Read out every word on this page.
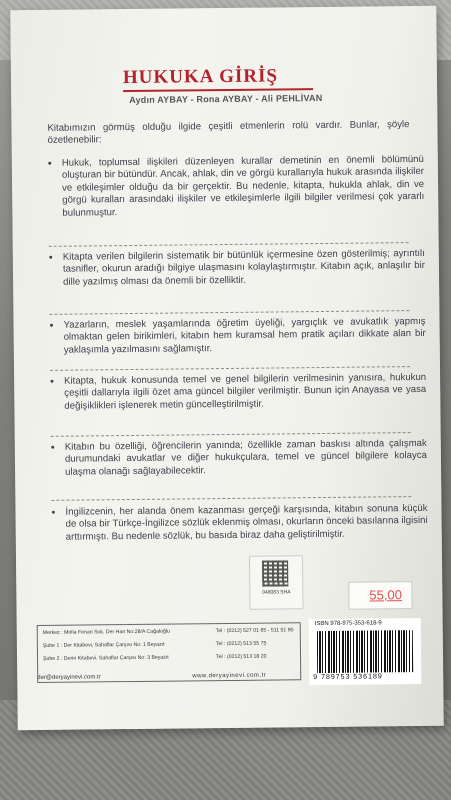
HUKUKA GİRİŞ
Aydın AYBAY - Rona AYBAY - Ali PEHLİVAN

Kitabımızın görmüş olduğu ilgide çeşitli etmenlerin rolü vardır. Bunlar, şöyle özetlenebilir:

• Hukuk, toplumsal ilişkileri düzenleyen kurallar demetinin en önemli bölümünü oluşturan bir bütündür. Ancak, ahlak, din ve görgü kurallarıyla hukuk arasında ilişkiler ve etkileşimler olduğu da bir gerçektir. Bu nedenle, kitapta, hukukla ahlak, din ve görgü kuralları arasındaki ilişkiler ve etkileşimlerle ilgili bilgiler verilmesi çok yararlı bulunmuştur.

• Kitapta verilen bilgilerin sistematik bir bütünlük içermesine özen gösterilmiş; ayrıntılı tasnifler, okurun aradığı bilgiye ulaşmasını kolaylaştırmıştır. Kitabın açık, anlaşılır bir dille yazılmış olması da önemli bir özelliktir.

• Yazarların, meslek yaşamlarında öğretim üyeliği, yargıçlık ve avukatlık yapmış olmaktan gelen birikimleri, kitabın hem kuramsal hem pratik açıları dikkate alan bir yaklaşımla yazılmasını sağlamıştır.

• Kitapta, hukuk konusunda temel ve genel bilgilerin verilmesinin yanısıra, hukukun çeşitli dallarıyla ilgili özet ama güncel bilgiler verilmiştir. Bunun için Anayasa ve yasa değişiklikleri işlenerek metin güncelleştirilmiştir.

• Kitabın bu özelliği, öğrencilerin yanında; özellikle zaman baskısı altında çalışmak durumundaki avukatlar ve diğer hukukçulara, temel ve güncel bilgilere kolayca ulaşma olanağı sağlayabilecektir.

• İngilizcenin, her alanda önem kazanması gerçeği karşısında, kitabın sonuna küçük de olsa bir Türkçe-İngilizce sözlük eklenmiş olması, okurların önceki basılarına ilgisini arttırmıştı. Bu nedenle sözlük, bu basıda biraz daha geliştirilmiştir.

048083 SHA	55,00
Merkez : Molla Fenari Sok. Der Han No:28/A Cağaloğlu	Tel : (0212) 527 01 65 - 511 51 90
Şube 1 : Der Kitabevi, Sahaflar Çarşısı No: 1 Beyazıt	Tel : (0212) 513 55 75
Şube 2 : Derin Kitabevi, Sahaflar Çarşısı No: 3 Beyazıt	Tel : (0212) 513 18 20
der@deryayinevi.com.tr	www.deryayinevi.com.tr
ISBN 978-975-353-618-9
9 789753 536189
